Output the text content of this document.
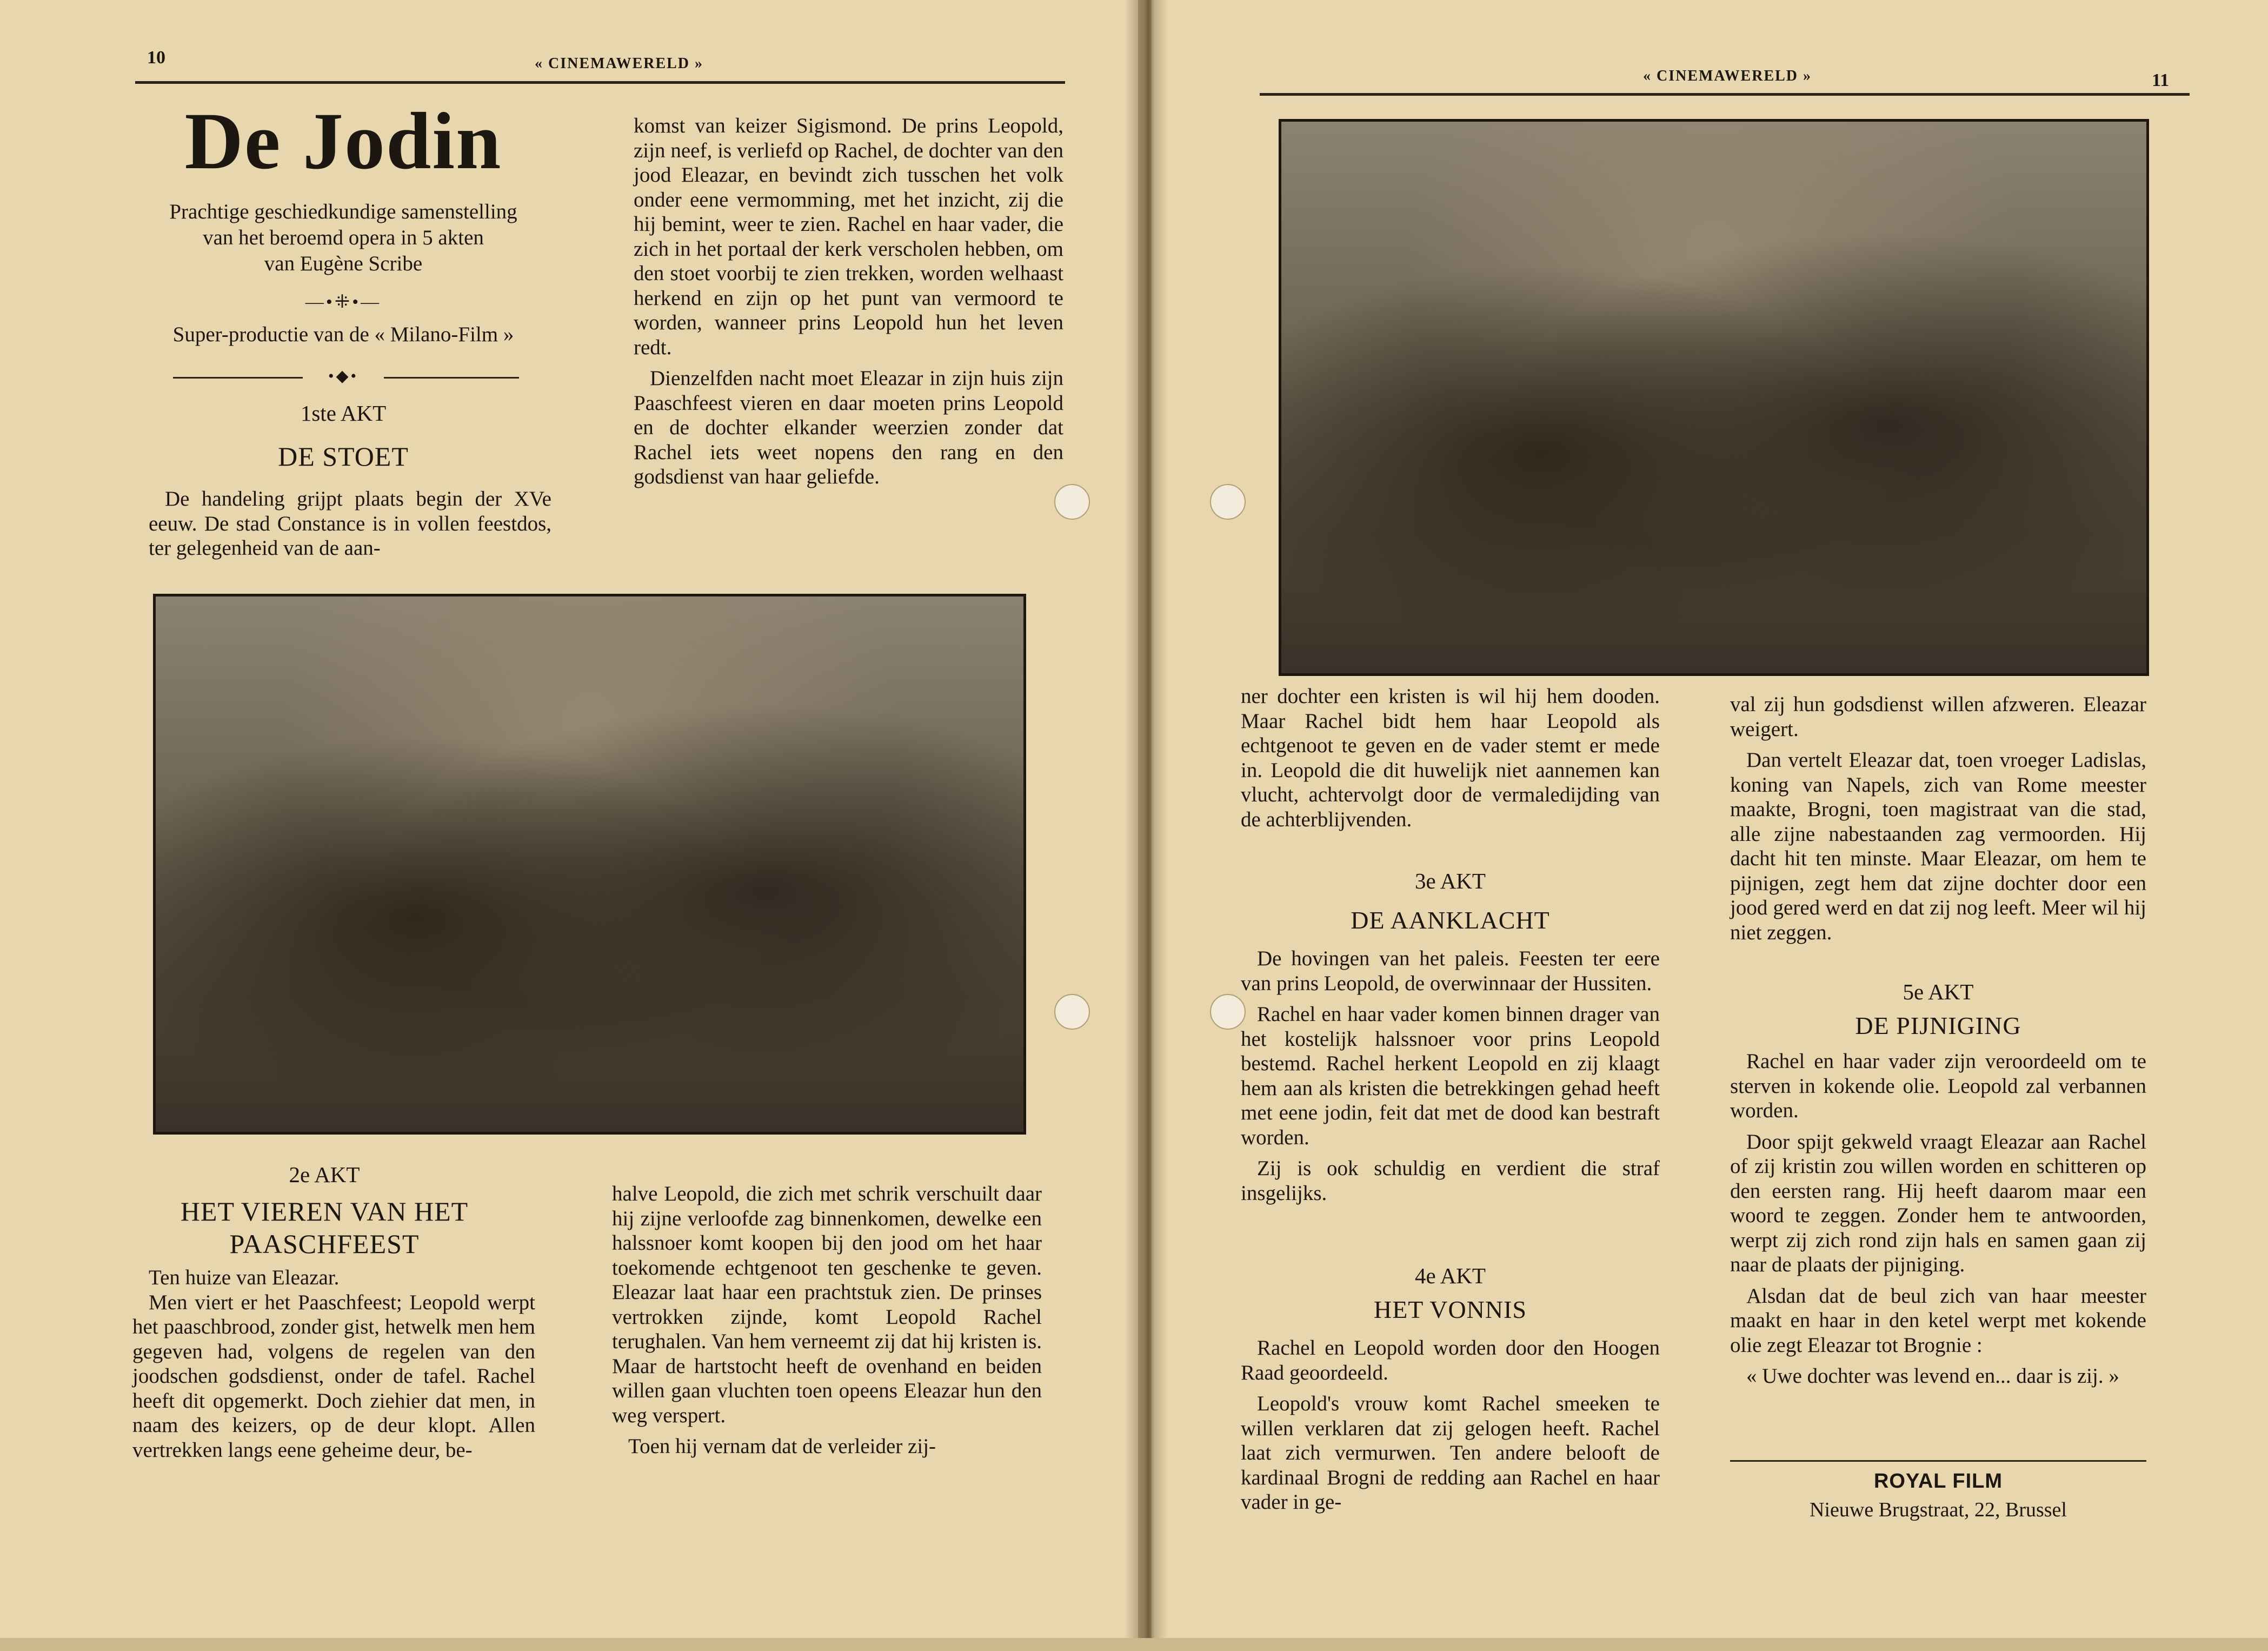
10	« CINEMAWERELD »
De Jodin
Prachtige geschiedkundige samenstelling
van het beroemd opera in 5 akten
van Eugène Scribe
—•⁜•—
Super-productie van de « Milano-Film »
•◆•
1ste AKT
DE STOET

De handeling grijpt plaats begin der XVe eeuw. De stad Constance is in vollen feestdos, ter gelegenheid van de aan-

komst van keizer Sigismond. De prins Leopold, zijn neef, is verliefd op Rachel, de dochter van den jood Eleazar, en bevindt zich tusschen het volk onder eene vermomming, met het inzicht, zij die hij bemint, weer te zien. Rachel en haar vader, die zich in het portaal der kerk verscholen hebben, om den stoet voorbij te zien trekken, worden welhaast herkend en zijn op het punt van vermoord te worden, wanneer prins Leopold hun het leven redt.

Dienzelfden nacht moet Eleazar in zijn huis zijn Paaschfeest vieren en daar moeten prins Leopold en de dochter elkander weerzien zonder dat Rachel iets weet nopens den rang en den godsdienst van haar geliefde.

2e AKT
HET VIEREN VAN HET
PAASCHFEEST

Ten huize van Eleazar.

Men viert er het Paaschfeest; Leopold werpt het paaschbrood, zonder gist, hetwelk men hem gegeven had, volgens de regelen van den joodschen godsdienst, onder de tafel. Rachel heeft dit opgemerkt. Doch ziehier dat men, in naam des keizers, op de deur klopt. Allen vertrekken langs eene geheime deur, be-

halve Leopold, die zich met schrik verschuilt daar hij zijne verloofde zag binnenkomen, dewelke een halssnoer komt koopen bij den jood om het haar toekomende echtgenoot ten geschenke te geven. Eleazar laat haar een prachtstuk zien. De prinses vertrokken zijnde, komt Leopold Rachel terughalen. Van hem verneemt zij dat hij kristen is. Maar de hartstocht heeft de ovenhand en beiden willen gaan vluchten toen opeens Eleazar hun den weg verspert.

Toen hij vernam dat de verleider zij-

« CINEMAWERELD »	11

ner dochter een kristen is wil hij hem dooden. Maar Rachel bidt hem haar Leopold als echtgenoot te geven en de vader stemt er mede in. Leopold die dit huwelijk niet aannemen kan vlucht, achtervolgt door de vermaledijding van de achterblijvenden.

3e AKT
DE AANKLACHT

De hovingen van het paleis. Feesten ter eere van prins Leopold, de overwinnaar der Hussiten.

Rachel en haar vader komen binnen drager van het kostelijk halssnoer voor prins Leopold bestemd. Rachel herkent Leopold en zij klaagt hem aan als kristen die betrekkingen gehad heeft met eene jodin, feit dat met de dood kan bestraft worden.

Zij is ook schuldig en verdient die straf insgelijks.

4e AKT
HET VONNIS

Rachel en Leopold worden door den Hoogen Raad geoordeeld.

Leopold's vrouw komt Rachel smeeken te willen verklaren dat zij gelogen heeft. Rachel laat zich vermurwen. Ten andere belooft de kardinaal Brogni de redding aan Rachel en haar vader in ge-

val zij hun godsdienst willen afzweren. Eleazar weigert.

Dan vertelt Eleazar dat, toen vroeger Ladislas, koning van Napels, zich van Rome meester maakte, Brogni, toen magistraat van die stad, alle zijne nabestaanden zag vermoorden. Hij dacht hit ten minste. Maar Eleazar, om hem te pijnigen, zegt hem dat zijne dochter door een jood gered werd en dat zij nog leeft. Meer wil hij niet zeggen.

5e AKT
DE PIJNIGING

Rachel en haar vader zijn veroordeeld om te sterven in kokende olie. Leopold zal verbannen worden.

Door spijt gekweld vraagt Eleazar aan Rachel of zij kristin zou willen worden en schitteren op den eersten rang. Hij heeft daarom maar een woord te zeggen. Zonder hem te antwoorden, werpt zij zich rond zijn hals en samen gaan zij naar de plaats der pijniging.

Alsdan dat de beul zich van haar meester maakt en haar in den ketel werpt met kokende olie zegt Eleazar tot Brognie :

« Uwe dochter was levend en... daar is zij. »

ROYAL FILM
Nieuwe Brugstraat, 22, Brussel
